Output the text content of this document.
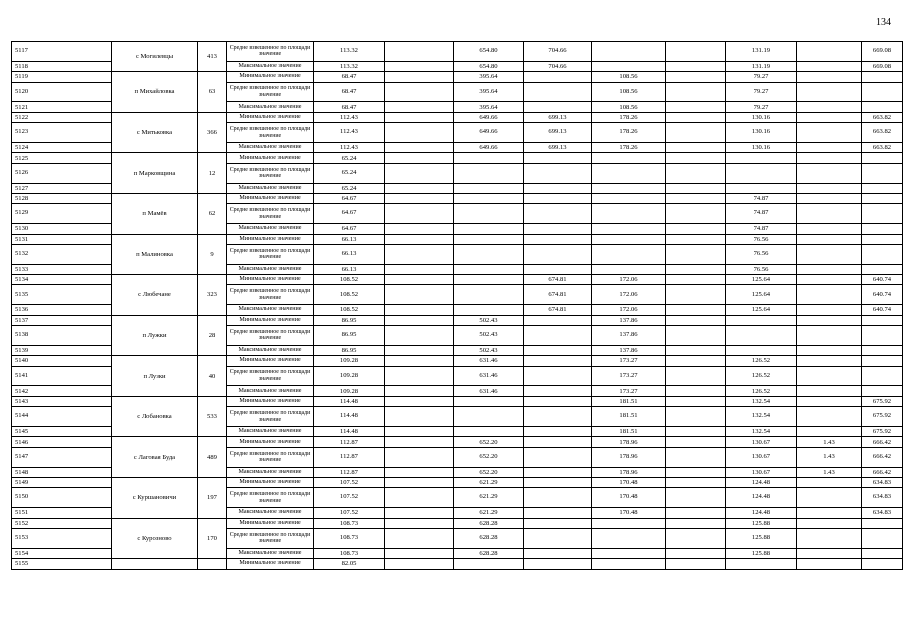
134
5117	с Могилевцы	413	Средне взвешенное по площади значение	113.32		654.80	704.66			131.19		669.08
5118			Максимальное значение	113.32		654.80	704.66			131.19		669.08
5119	п Михайловка	63	Минимальное значение	68.47		395.64		108.56		79.27		
5120			Средне взвешенное по площади значение	68.47		395.64		108.56		79.27		
5121			Максимальное значение	68.47		395.64		108.56		79.27		
5122	с Митьковка	366	Минимальное значение	112.43		649.66	699.13	178.26		130.16		663.82
5123			Средне взвешенное по площади значение	112.43		649.66	699.13	178.26		130.16		663.82
5124			Максимальное значение	112.43		649.66	699.13	178.26		130.16		663.82
5125	п Марковщина	12	Минимальное значение	65.24								
5126			Средне взвешенное по площади значение	65.24								
5127			Максимальное значение	65.24								
5128	п Мамёв	62	Минимальное значение	64.67						74.87		
5129			Средне взвешенное по площади значение	64.67						74.87		
5130			Максимальное значение	64.67						74.87		
5131	п Малиновка	9	Минимальное значение	66.13						76.56		
5132			Средне взвешенное по площади значение	66.13						76.56		
5133			Максимальное значение	66.13						76.56		
5134	с Любечане	323	Минимальное значение	108.52			674.81	172.06		125.64		640.74
5135			Средне взвешенное по площади значение	108.52			674.81	172.06		125.64		640.74
5136			Максимальное значение	108.52			674.81	172.06		125.64		640.74
5137	п Лужки	28	Минимальное значение	86.95		502.43		137.86				
5138			Средне взвешенное по площади значение	86.95		502.43		137.86				
5139			Максимальное значение	86.95		502.43		137.86				
5140	п Лузки	40	Минимальное значение	109.28		631.46		173.27		126.52		
5141			Средне взвешенное по площади значение	109.28		631.46		173.27		126.52		
5142			Максимальное значение	109.28		631.46		173.27		126.52		
5143	с Лобановка	533	Минимальное значение	114.48				181.51		132.54		675.92
5144			Средне взвешенное по площади значение	114.48				181.51		132.54		675.92
5145			Максимальное значение	114.48				181.51		132.54		675.92
5146	с Лаговая Буда	489	Минимальное значение	112.87		652.20		178.96		130.67	1.43	666.42
5147			Средне взвешенное по площади значение	112.87		652.20		178.96		130.67	1.43	666.42
5148			Максимальное значение	112.87		652.20		178.96		130.67	1.43	666.42
5149	с Куршановичи	197	Минимальное значение	107.52		621.29		170.48		124.48		634.83
5150			Средне взвешенное по площади значение	107.52		621.29		170.48		124.48		634.83
5151			Максимальное значение	107.52		621.29		170.48		124.48		634.83
5152	с Курозново	170	Минимальное значение	108.73		628.28				125.88		
5153			Средне взвешенное по площади значение	108.73		628.28				125.88		
5154			Максимальное значение	108.73		628.28				125.88		
5155			Минимальное значение	82.05								
